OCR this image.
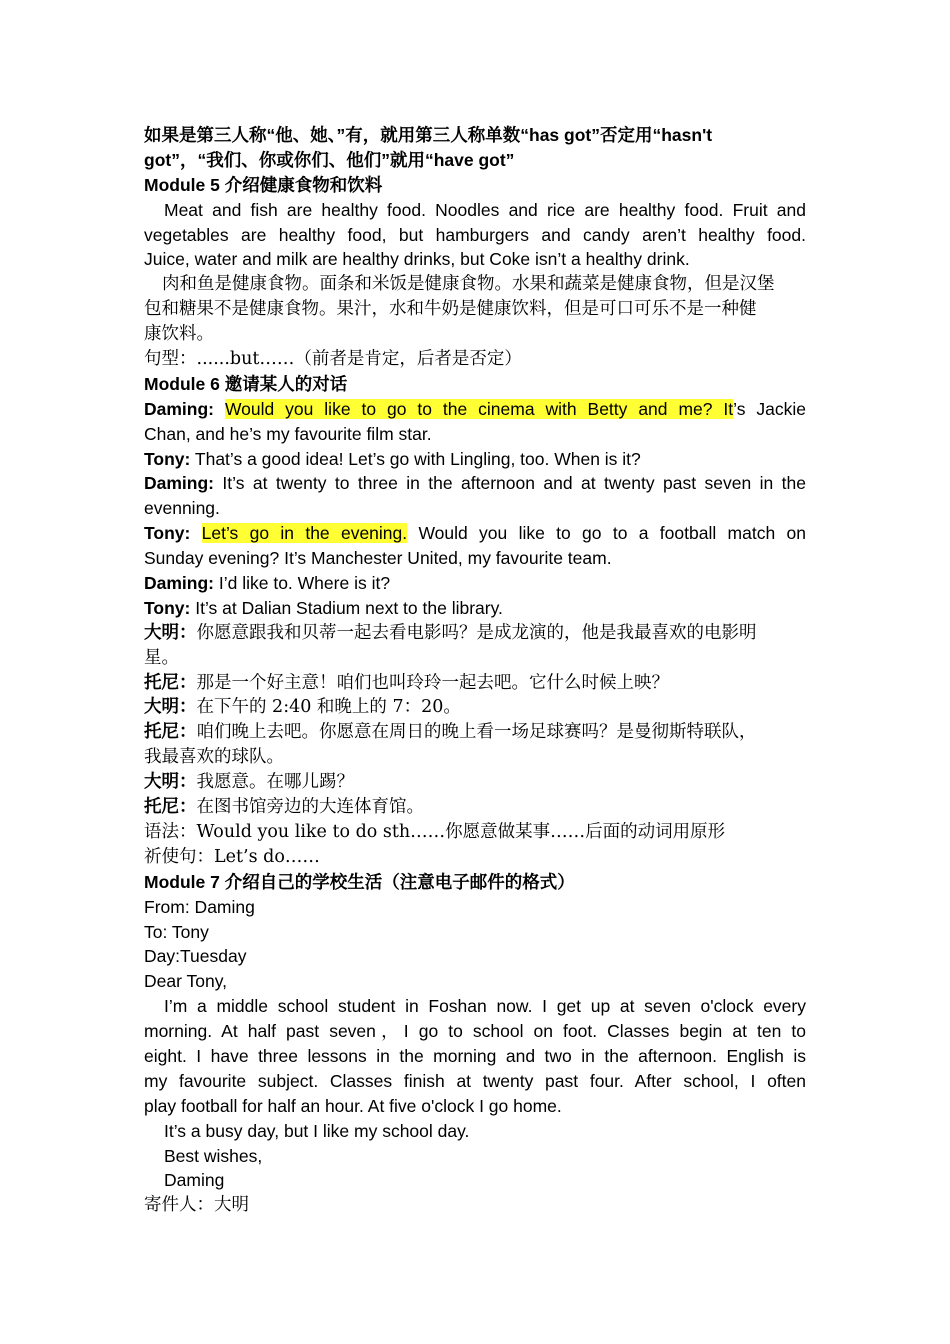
如果是第三人称“他、她、”有，就用第三人称单数“has got”否定用“hasn't
got”，“我们、你或你们、他们”就用“have got”
Module 5 介绍健康食物和饮料
Meat and fish are healthy food. Noodles and rice are healthy food. Fruit and
vegetables are healthy food, but hamburgers and candy aren’t healthy food.
Juice, water and milk are healthy drinks, but Coke isn’t a healthy drink.
肉和鱼是健康食物。面条和米饭是健康食物。水果和蔬菜是健康食物，但是汉堡
包和糖果不是健康食物。果汁，水和牛奶是健康饮料，但是可口可乐不是一种健
康饮料。
句型：......but……（前者是肯定，后者是否定）
Module 6 邀请某人的对话
Daming: Would you like to go to the cinema with Betty and me? It’s Jackie
Chan, and he’s my favourite film star.
Tony: That’s a good idea! Let’s go with Lingling, too. When is it?
Daming: It’s at twenty to three in the afternoon and at twenty past seven in the
evenning.
Tony: Let’s go in the evening. Would you like to go to a football match on
Sunday evening? It’s Manchester United, my favourite team.
Daming: I’d like to. Where is it?
Tony: It’s at Dalian Stadium next to the library.
大明：你愿意跟我和贝蒂一起去看电影吗？是成龙演的，他是我最喜欢的电影明
星。
托尼：那是一个好主意！咱们也叫玲玲一起去吧。它什么时候上映？
大明：在下午的 2:40 和晚上的 7：20。
托尼：咱们晚上去吧。你愿意在周日的晚上看一场足球赛吗？是曼彻斯特联队，
我最喜欢的球队。
大明：我愿意。在哪儿踢？
托尼：在图书馆旁边的大连体育馆。
语法：Would you like to do sth……你愿意做某事……后面的动词用原形
祈使句：Let’s do……
Module 7 介绍自己的学校生活（注意电子邮件的格式）
From: Daming
To: Tony
Day:Tuesday
Dear Tony,
I’m a middle school student in Foshan now. I get up at seven o'clock every
morning. At half past seven，I go to school on foot. Classes begin at ten to
eight. I have three lessons in the morning and two in the afternoon. English is
my favourite subject. Classes finish at twenty past four. After school, I often
play football for half an hour. At five o'clock I go home.
It’s a busy day, but I like my school day.
Best wishes,
Daming
寄件人：大明
